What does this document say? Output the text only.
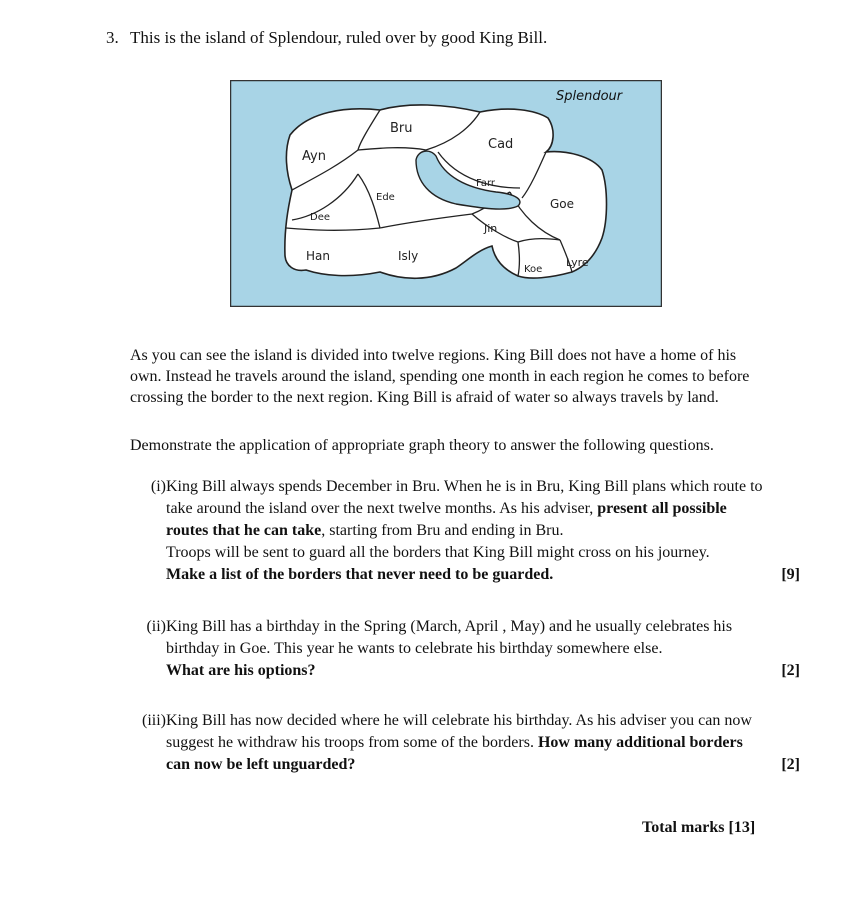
3. This is the island of Splendour, ruled over by good King Bill.
Splendour
Ayn
Bru
Cad
Dee
Ede
Farr
Goe
Han	Isly
Jin
Koe
Lyre
As you can see the island is divided into twelve regions. King Bill does not have a home of his own. Instead he travels around the island, spending one month in each region he comes to before crossing the border to the next region. King Bill is afraid of water so always travels by land.
Demonstrate the application of appropriate graph theory to answer the following questions.
(i) King Bill always spends December in Bru. When he is in Bru, King Bill plans which route to take around the island over the next twelve months. As his adviser, present all possible routes that he can take, starting from Bru and ending in Bru.
Troops will be sent to guard all the borders that King Bill might cross on his journey.
Make a list of the borders that never need to be guarded.	[9]
(ii) King Bill has a birthday in the Spring (March, April , May) and he usually celebrates his birthday in Goe. This year he wants to celebrate his birthday somewhere else.
What are his options?	[2]
(iii) King Bill has now decided where he will celebrate his birthday. As his adviser you can now suggest he withdraw his troops from some of the borders. How many additional borders can now be left unguarded?	[2]
Total marks [13]
